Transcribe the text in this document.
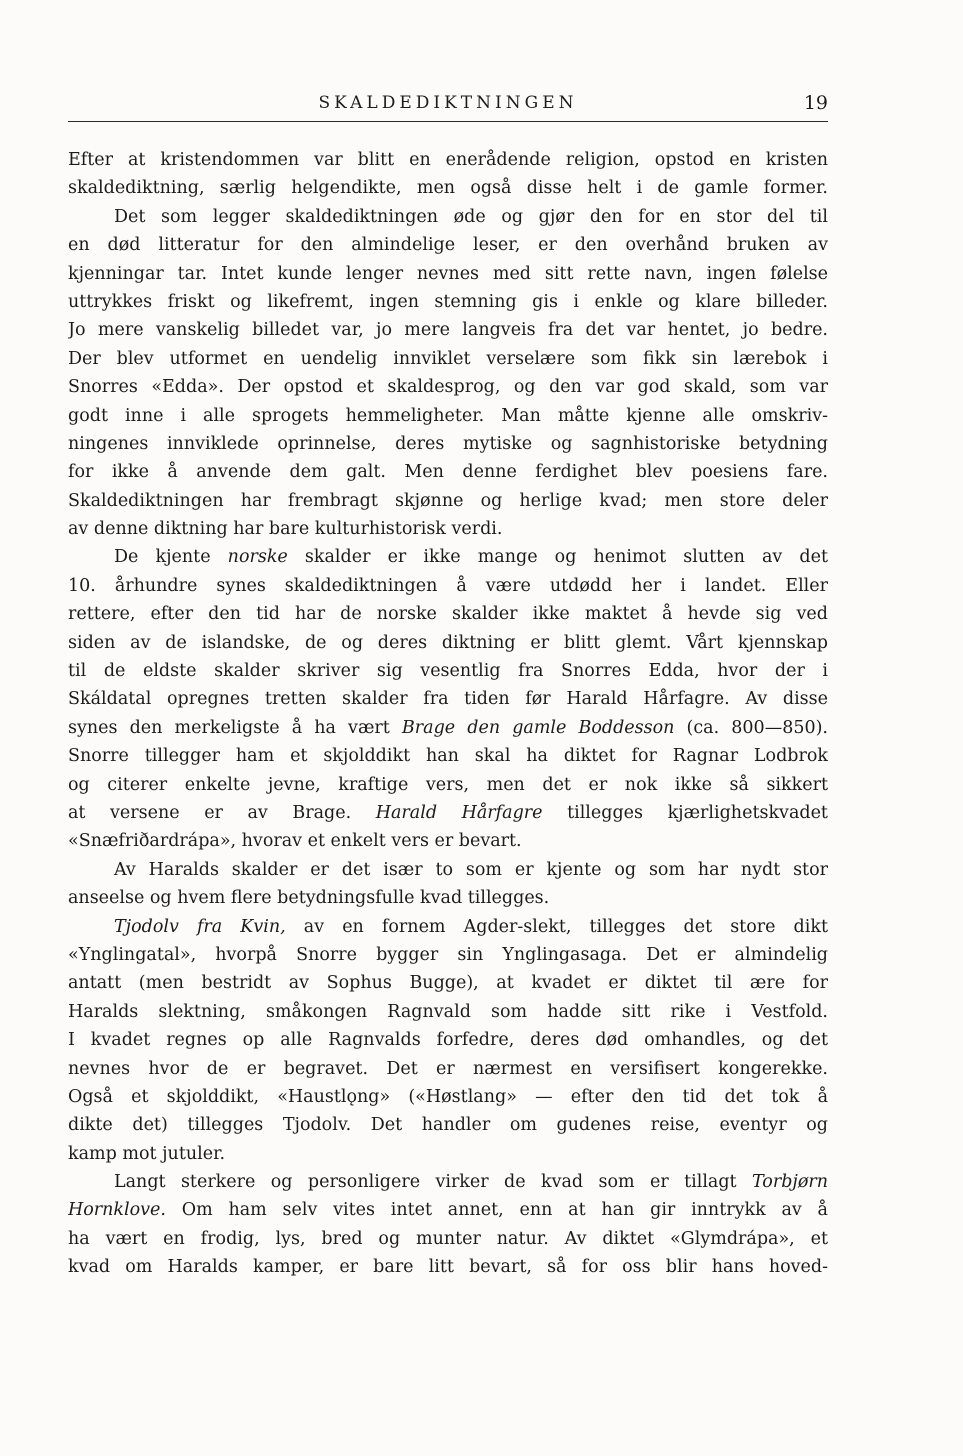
SKALDEDIKTNINGEN	19
Efter at kristendommen var blitt en enerådende religion, opstod en kristen
skaldediktning, særlig helgendikte, men også disse helt i de gamle former.
Det som legger skaldediktningen øde og gjør den for en stor del til
en død litteratur for den almindelige leser, er den overhånd bruken av
kjenningar tar. Intet kunde lenger nevnes med sitt rette navn, ingen følelse
uttrykkes friskt og likefremt, ingen stemning gis i enkle og klare billeder.
Jo mere vanskelig billedet var, jo mere langveis fra det var hentet, jo bedre.
Der blev utformet en uendelig innviklet verselære som fikk sin lærebok i
Snorres «Edda». Der opstod et skaldesprog, og den var god skald, som var
godt inne i alle sprogets hemmeligheter. Man måtte kjenne alle omskriv-
ningenes innviklede oprinnelse, deres mytiske og sagnhistoriske betydning
for ikke å anvende dem galt. Men denne ferdighet blev poesiens fare.
Skaldediktningen har frembragt skjønne og herlige kvad; men store deler
av denne diktning har bare kulturhistorisk verdi.
De kjente norske skalder er ikke mange og henimot slutten av det
10. århundre synes skaldediktningen å være utdødd her i landet. Eller
rettere, efter den tid har de norske skalder ikke maktet å hevde sig ved
siden av de islandske, de og deres diktning er blitt glemt. Vårt kjennskap
til de eldste skalder skriver sig vesentlig fra Snorres Edda, hvor der i
Skáldatal opregnes tretten skalder fra tiden før Harald Hårfagre. Av disse
synes den merkeligste å ha vært Brage den gamle Boddesson (ca. 800—850).
Snorre tillegger ham et skjolddikt han skal ha diktet for Ragnar Lodbrok
og citerer enkelte jevne, kraftige vers, men det er nok ikke så sikkert
at versene er av Brage. Harald Hårfagre tillegges kjærlighetskvadet
«Snæfriðardrápa», hvorav et enkelt vers er bevart.
Av Haralds skalder er det især to som er kjente og som har nydt stor
anseelse og hvem flere betydningsfulle kvad tillegges.
Tjodolv fra Kvin, av en fornem Agder-slekt, tillegges det store dikt
«Ynglingatal», hvorpå Snorre bygger sin Ynglingasaga. Det er almindelig
antatt (men bestridt av Sophus Bugge), at kvadet er diktet til ære for
Haralds slektning, småkongen Ragnvald som hadde sitt rike i Vestfold.
I kvadet regnes op alle Ragnvalds forfedre, deres død omhandles, og det
nevnes hvor de er begravet. Det er nærmest en versifisert kongerekke.
Også et skjolddikt, «Haustlǫng» («Høstlang» — efter den tid det tok å
dikte det) tillegges Tjodolv. Det handler om gudenes reise, eventyr og
kamp mot jutuler.
Langt sterkere og personligere virker de kvad som er tillagt Torbjørn
Hornklove. Om ham selv vites intet annet, enn at han gir inntrykk av å
ha vært en frodig, lys, bred og munter natur. Av diktet «Glymdrápa», et
kvad om Haralds kamper, er bare litt bevart, så for oss blir hans hoved-
